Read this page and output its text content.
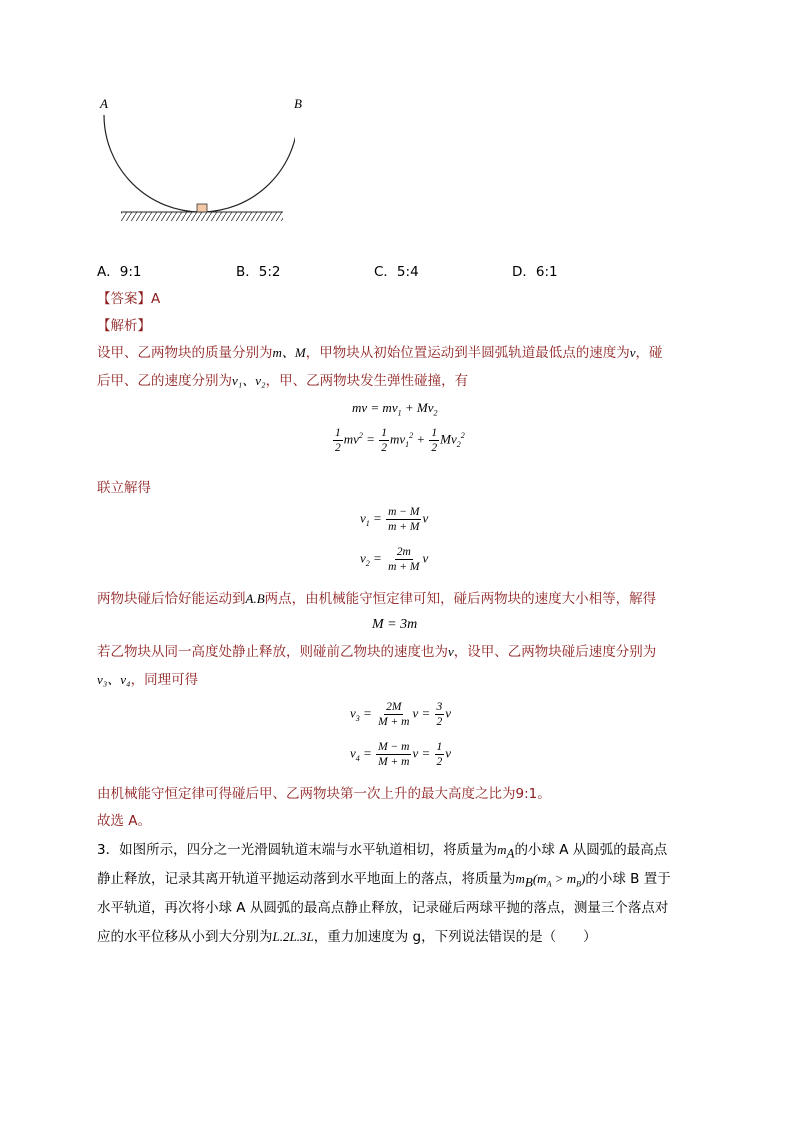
A	B
A．9:1	B．5:2	C．5:4	D．6:1
【答案】A
【解析】
设甲、乙两物块的质量分别为m、M，甲物块从初始位置运动到半圆弧轨道最低点的速度为v，碰
后甲、乙的速度分别为v₁、v₂，甲、乙两物块发生弹性碰撞，有
mv = $mv_1 + Mv_2$
$\frac{1}{2} mv^2 = \frac{1}{2} mv_1^2 + \frac{1}{2} Mv_2^2$
联立解得
$v_1 = \frac{m - M}{m + M}$ v
$v_2 = \frac{2m}{m + M}$ v
两物块碰后恰好能运动到A.B两点，由机械能守恒定律可知，碰后两物块的速度大小相等，解得
M = 3m
若乙物块从同一高度处静止释放，则碰前乙物块的速度也为v，设甲、乙两物块碰后速度分别为
v₃、v₄，同理可得
$v_3 = \frac{2M}{M + m}$ $v = \frac{3}{2}$ v
$v_4 = \frac{M - m}{M + m}$ $v = \frac{1}{2}$ v
由机械能守恒定律可得碰后甲、乙两物块第一次上升的最大高度之比为9:1。
故选 A。
3．如图所示，四分之一光滑圆轨道末端与水平轨道相切，将质量为$m_A$的小球 A 从圆弧的最高点
静止释放，记录其离开轨道平抛运动落到水平地面上的落点，将质量为$m_B(m_A > m_B)$的小球 B 置于
水平轨道，再次将小球 A 从圆弧的最高点静止释放，记录碰后两球平抛的落点，测量三个落点对
应的水平位移从小到大分别为L.2L.3L，重力加速度为 g，下列说法错误的是（　　）
